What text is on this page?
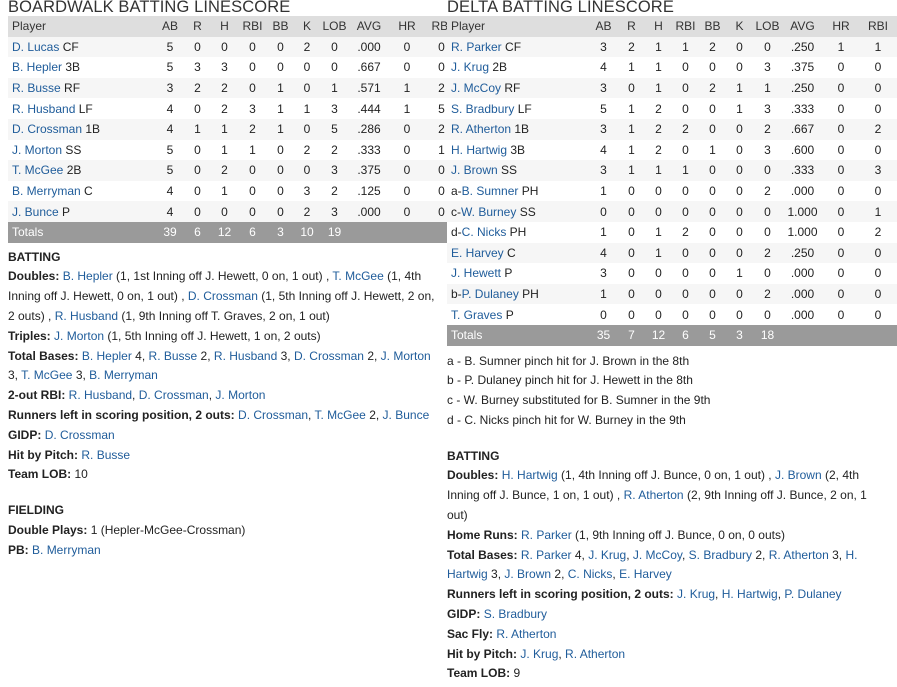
BOARDWALK BATTING LINESCORE
Player	AB	R	H	RBI	BB	K	LOB	AVG	HR	RBI
D. Lucas CF	5	0	0	0	0	2	0	.000	0	0
B. Hepler 3B	5	3	3	0	0	0	0	.667	0	0
R. Busse RF	3	2	2	0	1	0	1	.571	1	2
R. Husband LF	4	0	2	3	1	1	3	.444	1	5
D. Crossman 1B	4	1	1	2	1	0	5	.286	0	2
J. Morton SS	5	0	1	1	0	2	2	.333	0	1
T. McGee 2B	5	0	2	0	0	0	3	.375	0	0
B. Merryman C	4	0	1	0	0	3	2	.125	0	0
J. Bunce P	4	0	0	0	0	2	3	.000	0	0
Totals	39	6	12	6	3	10	19			
BATTING
Doubles: B. Hepler (1, 1st Inning off J. Hewett, 0 on, 1 out) , T. McGee (1, 4th Inning off J. Hewett, 0 on, 1 out) , D. Crossman (1, 5th Inning off J. Hewett, 2 on, 2 outs) , R. Husband (1, 9th Inning off T. Graves, 2 on, 1 out)
Triples: J. Morton (1, 5th Inning off J. Hewett, 1 on, 2 outs)
Total Bases: B. Hepler 4, R. Busse 2, R. Husband 3, D. Crossman 2, J. Morton 3, T. McGee 3, B. Merryman
2-out RBI: R. Husband, D. Crossman, J. Morton
Runners left in scoring position, 2 outs: D. Crossman, T. McGee 2, J. Bunce
GIDP: D. Crossman
Hit by Pitch: R. Busse
Team LOB: 10
FIELDING
Double Plays: 1 (Hepler-McGee-Crossman)
PB: B. Merryman
DELTA BATTING LINESCORE
Player	AB	R	H	RBI	BB	K	LOB	AVG	HR	RBI
R. Parker CF	3	2	1	1	2	0	0	.250	1	1
J. Krug 2B	4	1	1	0	0	0	3	.375	0	0
J. McCoy RF	3	0	1	0	2	1	1	.250	0	0
S. Bradbury LF	5	1	2	0	0	1	3	.333	0	0
R. Atherton 1B	3	1	2	2	0	0	2	.667	0	2
H. Hartwig 3B	4	1	2	0	1	0	3	.600	0	0
J. Brown SS	3	1	1	1	0	0	0	.333	0	3
a-B. Sumner PH	1	0	0	0	0	0	2	.000	0	0
c-W. Burney SS	0	0	0	0	0	0	0	1.000	0	1
d-C. Nicks PH	1	0	1	2	0	0	0	1.000	0	2
E. Harvey C	4	0	1	0	0	0	2	.250	0	0
J. Hewett P	3	0	0	0	0	1	0	.000	0	0
b-P. Dulaney PH	1	0	0	0	0	0	2	.000	0	0
T. Graves P	0	0	0	0	0	0	0	.000	0	0
Totals	35	7	12	6	5	3	18			
a - B. Sumner pinch hit for J. Brown in the 8th
b - P. Dulaney pinch hit for J. Hewett in the 8th
c - W. Burney substituted for B. Sumner in the 9th
d - C. Nicks pinch hit for W. Burney in the 9th
BATTING
Doubles: H. Hartwig (1, 4th Inning off J. Bunce, 0 on, 1 out) , J. Brown (2, 4th Inning off J. Bunce, 1 on, 1 out) , R. Atherton (2, 9th Inning off J. Bunce, 2 on, 1 out)
Home Runs: R. Parker (1, 9th Inning off J. Bunce, 0 on, 0 outs)
Total Bases: R. Parker 4, J. Krug, J. McCoy, S. Bradbury 2, R. Atherton 3, H. Hartwig 3, J. Brown 2, C. Nicks, E. Harvey
Runners left in scoring position, 2 outs: J. Krug, H. Hartwig, P. Dulaney
GIDP: S. Bradbury
Sac Fly: R. Atherton
Hit by Pitch: J. Krug, R. Atherton
Team LOB: 9
